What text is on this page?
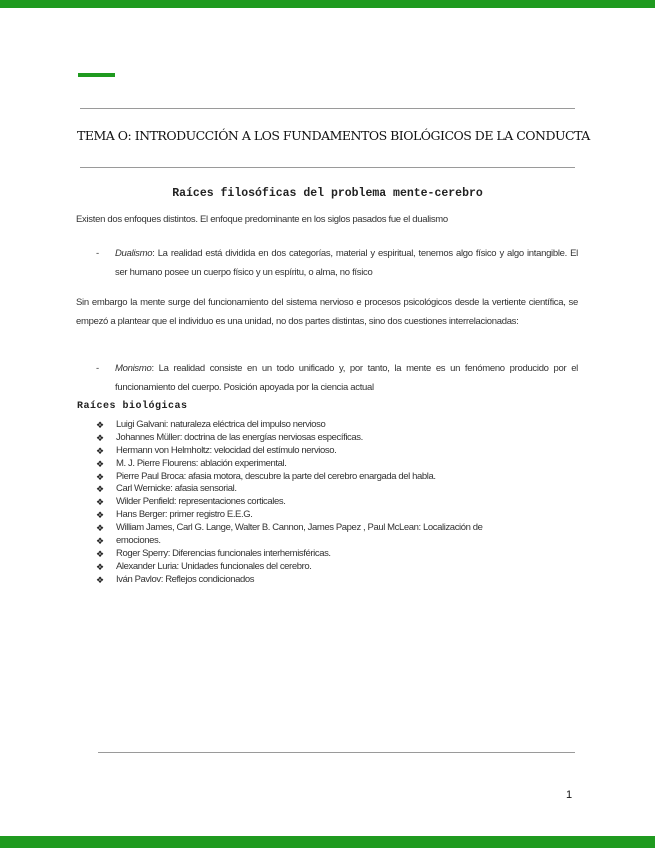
TEMA O: INTRODUCCIÓN A LOS FUNDAMENTOS BIOLÓGICOS DE LA CONDUCTA
Raíces filosóficas del problema mente-cerebro

Existen dos enfoques distintos. El enfoque predominante en los siglos pasados fue el dualismo

- Dualismo: La realidad está dividida en dos categorías, material y espiritual, tenemos algo físico y algo intangible. El ser humano posee un cuerpo físico y un espíritu, o alma, no físico

Sin embargo la mente surge del funcionamiento del sistema nervioso e procesos psicológicos desde la vertiente científica, se empezó a plantear que el individuo es una unidad, no dos partes distintas, sino dos cuestiones interrelacionadas:

- Monismo: La realidad consiste en un todo unificado y, por tanto, la mente es un fenómeno producido por el funcionamiento del cuerpo. Posición apoyada por la ciencia actual
Raíces biológicas
❖ Luigi Galvani: naturaleza eléctrica del impulso nervioso
❖ Johannes Müller: doctrina de las energías nerviosas específicas.
❖ Hermann von Helmholtz: velocidad del estímulo nervioso.
❖ M. J. Pierre Flourens: ablación experimental.
❖ Pierre Paul Broca: afasia motora, descubre la parte del cerebro enargada del habla.
❖ Carl Wernicke: afasia sensorial.
❖ Wilder Penfield: representaciones corticales.
❖ Hans Berger: primer registro E.E.G.
❖ William James, Carl G. Lange, Walter B. Cannon, James Papez , Paul McLean: Localización de
❖ emociones.
❖ Roger Sperry: Diferencias funcionales interhemisféricas.
❖ Alexander Luria: Unidades funcionales del cerebro.
❖ Iván Pavlov: Reflejos condicionados
1
